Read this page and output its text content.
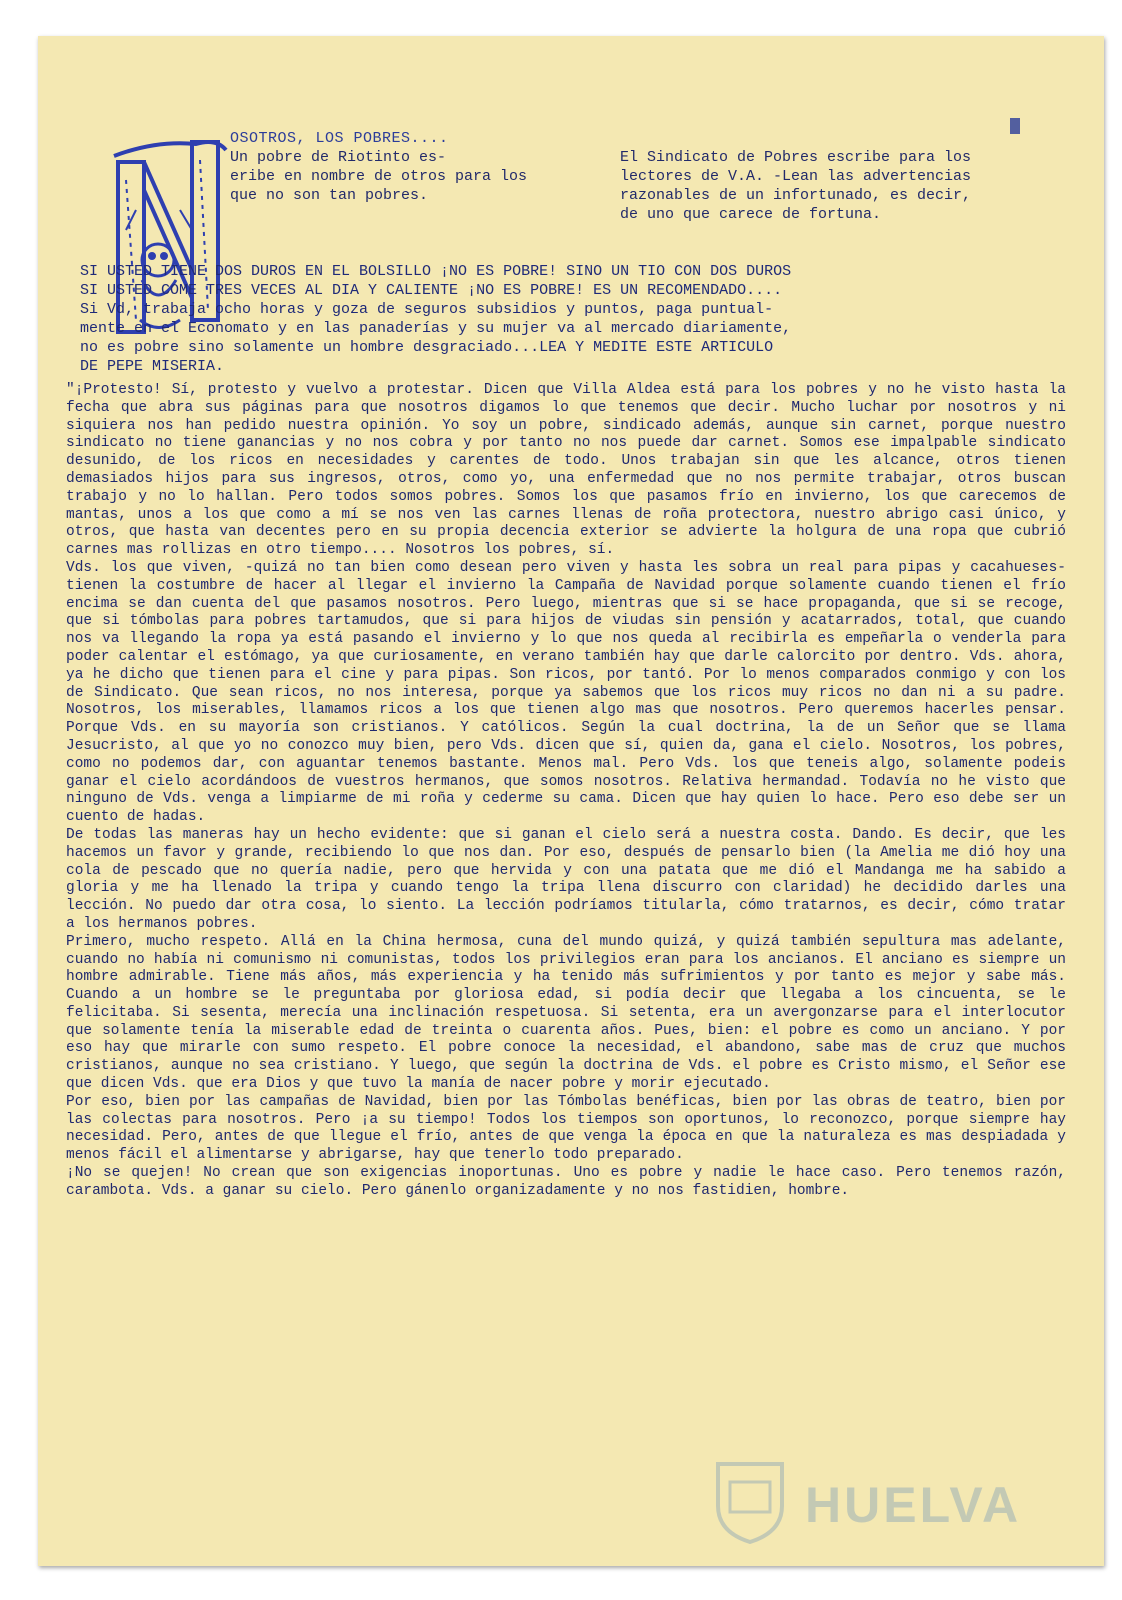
OSOTROS, LOS POBRES....
Un pobre de Riotinto es-
eribe en nombre de otros para los
que no son tan pobres.
El Sindicato de Pobres escribe para los
lectores de V.A. -Lean las advertencias
razonables de un infortunado, es decir,
de uno que carece de fortuna.
SI USTED TIENE DOS DUROS EN EL BOLSILLO ¡NO ES POBRE! SINO UN TIO CON DOS DUROS
SI USTED COME TRES VECES AL DIA Y CALIENTE ¡NO ES POBRE! ES UN RECOMENDADO....
Si Vd, trabaja ocho horas y goza de seguros subsidios y puntos, paga puntual-
mente en el Economato y en las panaderías y su mujer va al mercado diariamente,
no es pobre sino solamente un hombre desgraciado...LEA Y MEDITE ESTE ARTICULO
DE PEPE MISERIA.

"¡Protesto! Sí, protesto y vuelvo a protestar. Dicen que Villa Aldea está para los pobres y no he visto hasta la fecha que abra sus páginas para que nosotros digamos lo que tenemos que decir. Mucho luchar por nosotros y ni siquiera nos han pedido nuestra opinión. Yo soy un pobre, sindicado además, aunque sin carnet, porque nuestro sindicato no tiene ganancias y no nos cobra y por tanto no nos puede dar carnet. Somos ese impalpable sindicato desunido, de los ricos en necesidades y carentes de todo. Unos trabajan sin que les alcance, otros tienen demasiados hijos para sus ingresos, otros, como yo, una enfermedad que no nos permite trabajar, otros buscan trabajo y no lo hallan. Pero todos somos pobres. Somos los que pasamos frío en invierno, los que carecemos de mantas, unos a los que como a mí se nos ven las carnes llenas de roña protectora, nuestro abrigo casi único, y otros, que hasta van decentes pero en su propia decencia exterior se advierte la holgura de una ropa que cubrió carnes mas rollizas en otro tiempo.... Nosotros los pobres, sí.

Vds. los que viven, -quizá no tan bien como desean pero viven y hasta les sobra un real para pipas y cacahueses- tienen la costumbre de hacer al llegar el invierno la Campaña de Navidad porque solamente cuando tienen el frío encima se dan cuenta del que pasamos nosotros. Pero luego, mientras que si se hace propaganda, que si se recoge, que si tómbolas para pobres tartamudos, que si para hijos de viudas sin pensión y acatarrados, total, que cuando nos va llegando la ropa ya está pasando el invierno y lo que nos queda al recibirla es empeñarla o venderla para poder calentar el estómago, ya que curiosamente, en verano también hay que darle calorcito por dentro. Vds. ahora, ya he dicho que tienen para el cine y para pipas. Son ricos, por tantó. Por lo menos comparados conmigo y con los de Sindicato. Que sean ricos, no nos interesa, porque ya sabemos que los ricos muy ricos no dan ni a su padre. Nosotros, los miserables, llamamos ricos a los que tienen algo mas que nosotros. Pero queremos hacerles pensar. Porque Vds. en su mayoría son cristianos. Y católicos. Según la cual doctrina, la de un Señor que se llama Jesucristo, al que yo no conozco muy bien, pero Vds. dicen que sí, quien da, gana el cielo. Nosotros, los pobres, como no podemos dar, con aguantar tenemos bastante. Menos mal. Pero Vds. los que teneis algo, solamente podeis ganar el cielo acordándoos de vuestros hermanos, que somos nosotros. Relativa hermandad. Todavía no he visto que ninguno de Vds. venga a limpiarme de mi roña y cederme su cama. Dicen que hay quien lo hace. Pero eso debe ser un cuento de hadas.

De todas las maneras hay un hecho evidente: que si ganan el cielo será a nuestra costa. Dando. Es decir, que les hacemos un favor y grande, recibiendo lo que nos dan. Por eso, después de pensarlo bien (la Amelia me dió hoy una cola de pescado que no quería nadie, pero que hervida y con una patata que me dió el Mandanga me ha sabido a gloria y me ha llenado la tripa y cuando tengo la tripa llena discurro con claridad) he decidido darles una lección. No puedo dar otra cosa, lo siento. La lección podríamos titularla, cómo tratarnos, es decir, cómo tratar a los hermanos pobres.

Primero, mucho respeto. Allá en la China hermosa, cuna del mundo quizá, y quizá también sepultura mas adelante, cuando no había ni comunismo ni comunistas, todos los privilegios eran para los ancianos. El anciano es siempre un hombre admirable. Tiene más años, más experiencia y ha tenido más sufrimientos y por tanto es mejor y sabe más. Cuando a un hombre se le preguntaba por gloriosa edad, si podía decir que llegaba a los cincuenta, se le felicitaba. Si sesenta, merecía una inclinación respetuosa. Si setenta, era un avergonzarse para el interlocutor que solamente tenía la miserable edad de treinta o cuarenta años. Pues, bien: el pobre es como un anciano. Y por eso hay que mirarle con sumo respeto. El pobre conoce la necesidad, el abandono, sabe mas de cruz que muchos cristianos, aunque no sea cristiano. Y luego, que según la doctrina de Vds. el pobre es Cristo mismo, el Señor ese que dicen Vds. que era Dios y que tuvo la manía de nacer pobre y morir ejecutado.

Por eso, bien por las campañas de Navidad, bien por las Tómbolas benéficas, bien por las obras de teatro, bien por las colectas para nosotros. Pero ¡a su tiempo! Todos los tiempos son oportunos, lo reconozco, porque siempre hay necesidad. Pero, antes de que llegue el frío, antes de que venga la época en que la naturaleza es mas despiadada y menos fácil el alimentarse y abrigarse, hay que tenerlo todo preparado.

¡No se quejen! No crean que son exigencias inoportunas. Uno es pobre y nadie le hace caso. Pero tenemos razón, carambota. Vds. a ganar su cielo. Pero gánenlo organizadamente y no nos fastidien, hombre.

HUELVA
